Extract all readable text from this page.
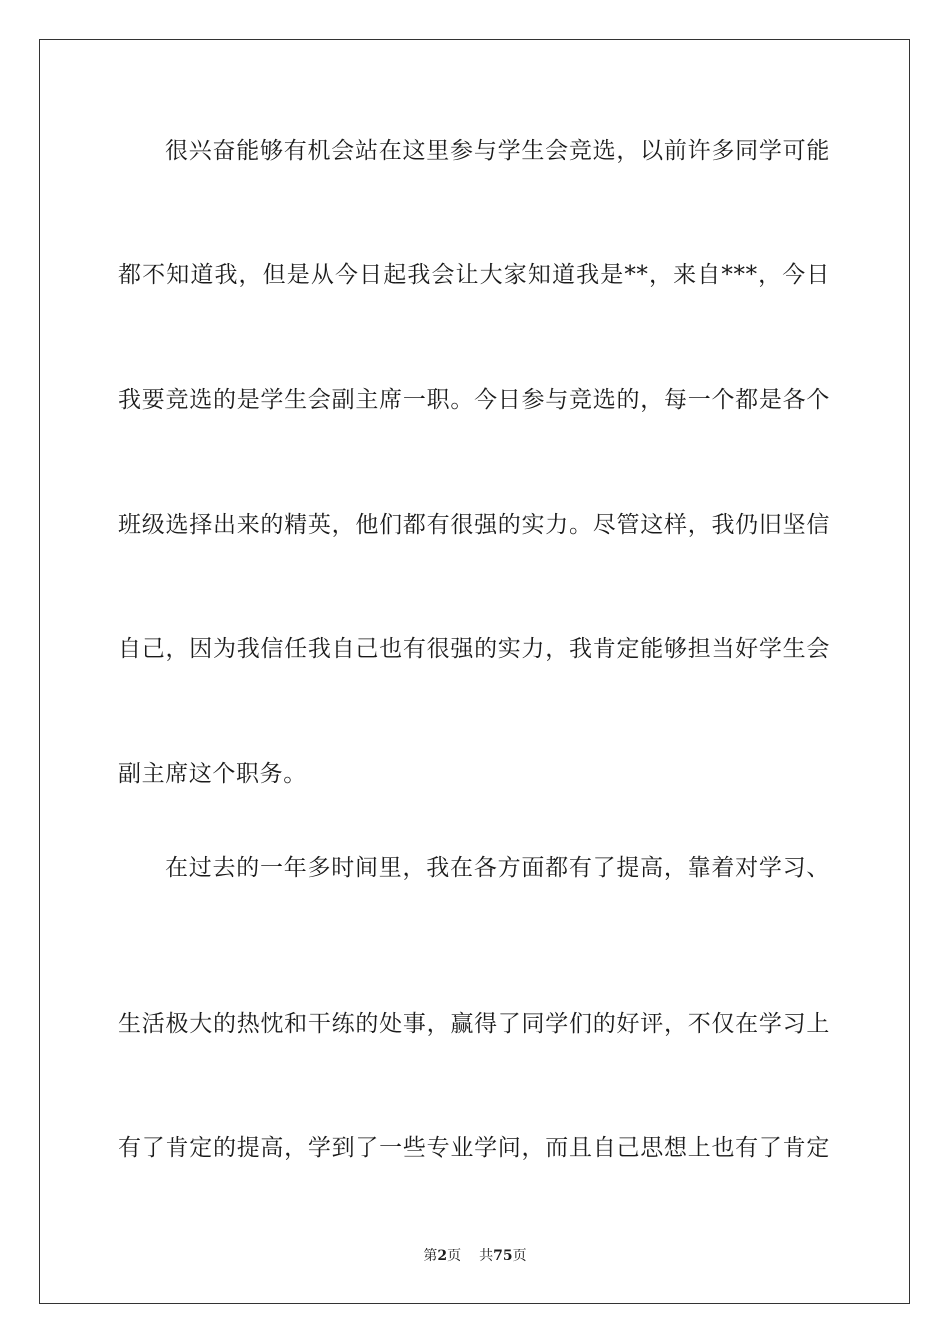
很兴奋能够有机会站在这里参与学生会竞选，以前许多同学可能
都不知道我，但是从今日起我会让大家知道我是**，来自***，今日
我要竞选的是学生会副主席一职。今日参与竞选的，每一个都是各个
班级选择出来的精英，他们都有很强的实力。尽管这样，我仍旧坚信
自己，因为我信任我自己也有很强的实力，我肯定能够担当好学生会
副主席这个职务。
在过去的一年多时间里，我在各方面都有了提高，靠着对学习、
生活极大的热忱和干练的处事，赢得了同学们的好评，不仅在学习上
有了肯定的提高，学到了一些专业学问，而且自己思想上也有了肯定
第2页 共75页
